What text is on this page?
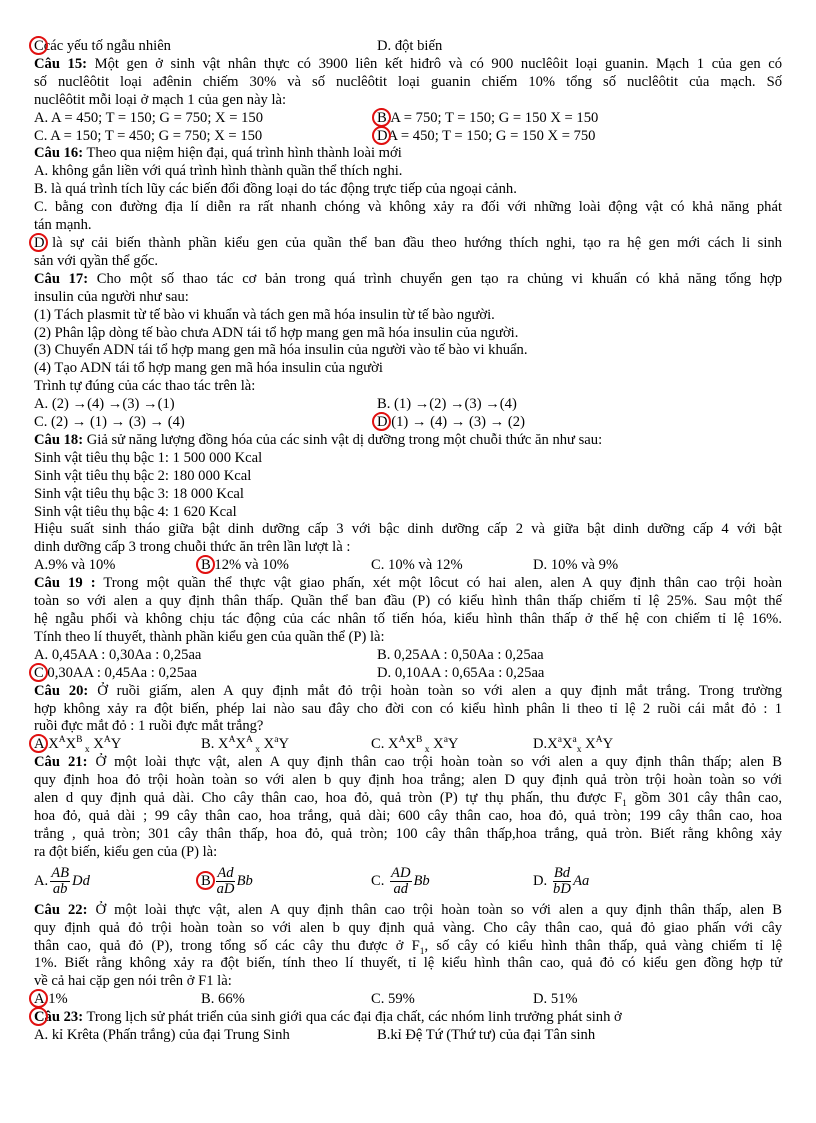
Ccác yếu tố ngẫu nhiên	D. đột biến
Câu 15: Một gen ở sinh vật nhân thực có 3900 liên kết hiđrô và có 900 nuclêôit loại guanin. Mạch 1 của gen có
số nuclêôtit loại ađênin chiếm 30% và số nuclêôtit loại guanin chiếm 10% tổng số nuclêôtit của mạch. Số
nuclêôtit mỗi loại ở mạch 1 của gen này là:
A. A = 450; T = 150; G = 750; X = 150	B.A = 750; T = 150; G = 150 X = 150
C. A = 150; T = 450; G = 750; X = 150	DA = 450; T = 150; G = 150 X = 750
Câu 16: Theo qua niệm hiện đại, quá trình hình thành loài mới
A. không gắn liền với quá trình hình thành quần thể thích nghi.
B. là quá trình tích lũy các biến đổi đồng loại do tác động trực tiếp của ngoại cảnh.
C. bằng con đường địa lí diễn ra rất nhanh chóng và không xảy ra đối với những loài động vật có khả năng phát
tán mạnh.
D là sự cải biến thành phần kiểu gen của quần thể ban đầu theo hướng thích nghi, tạo ra hệ gen mới cách li sinh
sản với qyần thể gốc.
Câu 17: Cho một số thao tác cơ bản trong quá trình chuyển gen tạo ra chủng vi khuẩn có khả năng tổng hợp
insulin của người như sau:
(1) Tách plasmit từ tế bào vi khuẩn và tách gen mã hóa insulin từ tế bào người.
(2) Phân lập dòng tế bào chưa ADN tái tổ hợp mang gen mã hóa insulin của người.
(3) Chuyển ADN tái tổ hợp mang gen mã hóa insulin của người vào tế bào vi khuẩn.
(4) Tạo ADN tái tổ hợp mang gen mã hóa insulin của người
Trình tự đúng của các thao tác trên là:
A. (2) →(4) →(3) →(1)	B. (1) →(2) →(3) →(4)
C. (2) → (1) → (3) → (4)	D.(1) → (4) → (3) → (2)
Câu 18: Giả sử năng lượng đồng hóa của các sinh vật dị dưỡng trong một chuỗi thức ăn như sau:
Sinh vật tiêu thụ bậc 1: 1 500 000 Kcal
Sinh vật tiêu thụ bậc 2: 180 000 Kcal
Sinh vật tiêu thụ bậc 3: 18 000 Kcal
Sinh vật tiêu thụ bậc 4: 1 620 Kcal
Hiệu suất sinh tháo giữa bật dinh dưỡng cấp 3 với bậc dinh dưỡng cấp 2 và giữa bật dinh dưỡng cấp 4 với bật
dinh dưỡng cấp 3 trong chuỗi thức ăn trên lần lượt là :
A.9% và 10%	B 12% và 10%	C. 10% và 12%	D. 10% và 9%
Câu 19 : Trong một quần thể thực vật giao phấn, xét một lôcut có hai alen, alen A quy định thân cao trội hoàn
toàn so với alen a quy định thân thấp. Quần thể ban đầu (P) có kiểu hình thân thấp chiếm tỉ lệ 25%. Sau một thế
hệ ngẫu phối và không chịu tác động của các nhân tố tiến hóa, kiểu hình thân thấp ở thế hệ con chiếm tỉ lệ 16%.
Tính theo lí thuyết, thành phần kiểu gen của quần thể (P) là:
A. 0,45AA : 0,30Aa : 0,25aa	B. 0,25AA : 0,50Aa : 0,25aa
C 0,30AA : 0,45Aa : 0,25aa	D. 0,10AA : 0,65Aa : 0,25aa
Câu 20: Ở ruồi giấm, alen A quy định mắt đỏ trội hoàn toàn so với alen a quy định mắt trắng. Trong trường
hợp không xảy ra đột biến, phép lai nào sau đây cho đời con có kiểu hình phân li theo tỉ lệ 2 ruồi cái mắt đỏ : 1
ruồi đực mắt đỏ : 1 ruồi đực mắt trắng?
A $X^AX^B$ $_x$ $X^AY$	B. $X^AX^A$ $_x$ $X^aY$	C. $X^AX^B$ $_x$ $X^aY$	$D.X^aX^a_x$ $X^AY$
Câu 21: Ở một loài thực vật, alen A quy định thân cao trội hoàn toàn so với alen a quy định thân thấp; alen B
quy định hoa đỏ trội hoàn toàn so với alen b quy định hoa trắng; alen D quy định quả tròn trội hoàn toàn so với
alen d quy định quả dài. Cho cây thân cao, hoa đỏ, quả tròn (P) tự thụ phấn, thu được $F_1$ gồm 301 cây thân cao,
hoa đỏ, quả dài ; 99 cây thân cao, hoa trắng, quả dài; 600 cây thân cao, hoa đỏ, quả tròn; 199 cây thân cao, hoa
trắng , quả tròn; 301 cây thân thấp, hoa đỏ, quả tròn; 100 cây thân thấp,hoa trắng, quả tròn. Biết rằng không xảy
ra đột biến, kiểu gen của (P) là:
A. $\frac{AB}{ab}$ Dd	B $\frac{Ad}{aD}$ Bb	C. $\frac{AD}{ad}$ Bb	D. $\frac{Bd}{bD}$ Aa
Câu 22: Ở một loài thực vật, alen A quy định thân cao trội hoàn toàn so với alen a quy định thân thấp, alen B
quy định quả đỏ trội hoàn toàn so với alen b quy định quả vàng. Cho cây thân cao, quả đỏ giao phấn với cây
thân cao, quả đỏ (P), trong tổng số các cây thu được ở $F_1$, số cây có kiểu hình thân thấp, quả vàng chiếm tỉ lệ
1%. Biết rằng không xảy ra đột biến, tính theo lí thuyết, tỉ lệ kiểu hình thân cao, quả đỏ có kiểu gen đồng hợp tử
về cả hai cặp gen nói trên ở F1 là:
A.1%	B. 66%	C. 59%	D. 51%
Câu 23: Trong lịch sử phát triển của sinh giới qua các đại địa chất, các nhóm linh trưởng phát sinh ở
A. kỉ Krêta (Phấn trắng) của đại Trung Sinh	B.kỉ Đệ Tứ (Thứ tư) của đại Tân sinh
